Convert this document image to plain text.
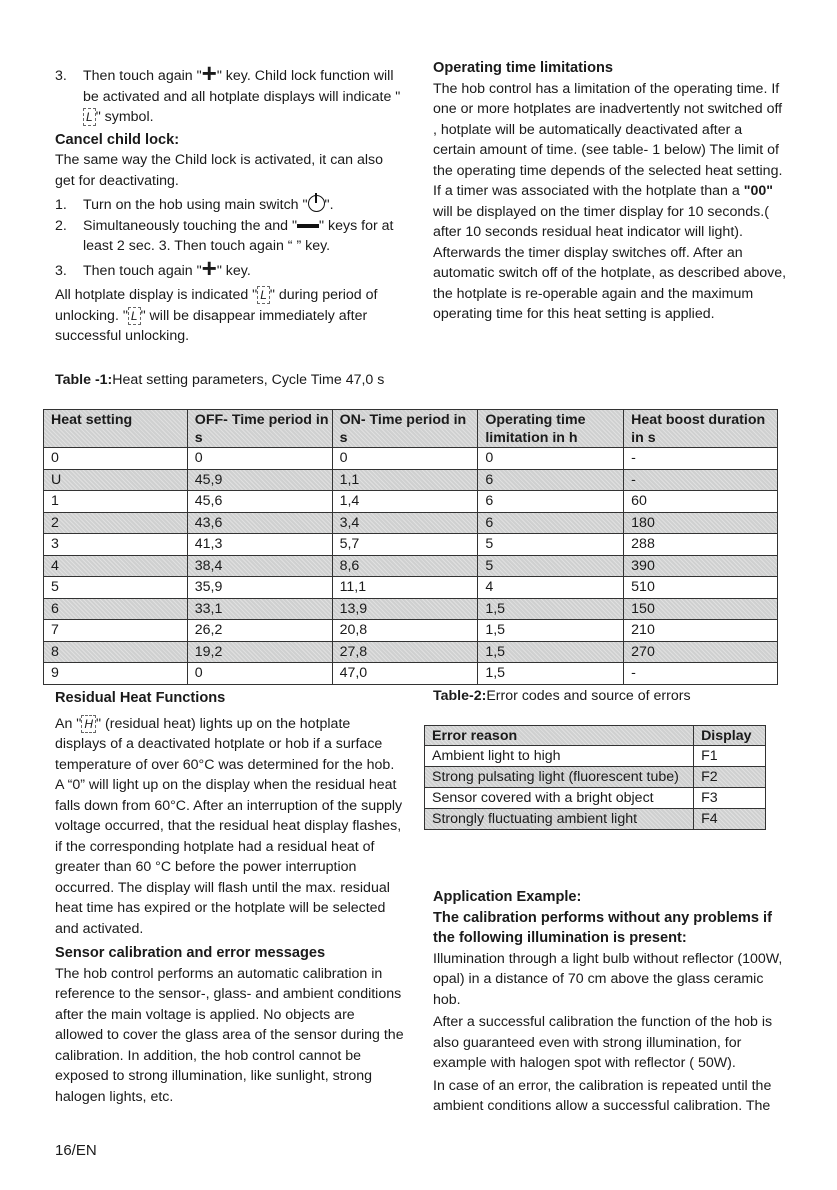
3.	Then touch again "+" key. Child lock function will be activated and all hotplate displays will indicate "L " symbol.

Cancel child lock:

The same way the Child lock is activated, it can also get for deactivating.

1.	Turn on the hob using main switch " ".
2.	Simultaneously touching the and " " keys for at least 2 sec. 3. Then touch again “ ” key.
3.	Then touch again "+" key.

All hotplate display is indicated " L " during period of unlocking. " L " will be disappear immediately after successful unlocking.

Table -1:Heat setting parameters, Cycle Time 47,0 s

Operating time limitations

The hob control has a limitation of the operating time. If one or more hotplates are inadvertently not switched off , hotplate will be automatically deactivated after a certain amount of time. (see table- 1 below) The limit of the operating time depends of the selected heat setting. If a timer was associated with the hotplate than a "00" will be displayed on the timer display for 10 seconds.( after 10 seconds residual heat indicator will light). Afterwards the timer display switches off. After an automatic switch off of the hotplate, as described above, the hotplate is re-operable again and the maximum operating time for this heat setting is applied.

Heat setting	OFF- Time period in s	ON- Time period in s	Operating time limitation in h	Heat boost duration in s
0	0	0	0	-
U	45,9	1,1	6	-
1	45,6	1,4	6	60
2	43,6	3,4	6	180
3	41,3	5,7	5	288
4	38,4	8,6	5	390
5	35,9	11,1	4	510
6	33,1	13,9	1,5	150
7	26,2	20,8	1,5	210
8	19,2	27,8	1,5	270
9	0	47,0	1,5	-

Residual Heat Functions

An " H " (residual heat) lights up on the hotplate displays of a deactivated hotplate or hob if a surface temperature of over 60°C was determined for the hob. A “0” will light up on the display when the residual heat falls down from 60°C. After an interruption of the supply voltage occurred, that the residual heat display flashes, if the corresponding hotplate had a residual heat of greater than 60 °C before the power interruption occurred. The display will flash until the max. residual heat time has expired or the hotplate will be selected and activated.

Sensor calibration and error messages

The hob control performs an automatic calibration in reference to the sensor-, glass- and ambient conditions after the main voltage is applied. No objects are allowed to cover the glass area of the sensor during the calibration. In addition, the hob control cannot be exposed to strong illumination, like sunlight, strong halogen lights, etc.

Table-2:Error codes and source of errors
Error reason	Display
Ambient light to high	F1
Strong pulsating light (fluorescent tube)	F2
Sensor covered with a bright object	F3
Strongly fluctuating ambient light	F4

Application Example:

The calibration performs without any problems if the following illumination is present:

Illumination through a light bulb without reflector (100W, opal) in a distance of 70 cm above the glass ceramic hob.

After a successful calibration the function of the hob is also guaranteed even with strong illumination, for example with halogen spot with reflector ( 50W).

In case of an error, the calibration is repeated until the ambient conditions allow a successful calibration. The

16/EN
